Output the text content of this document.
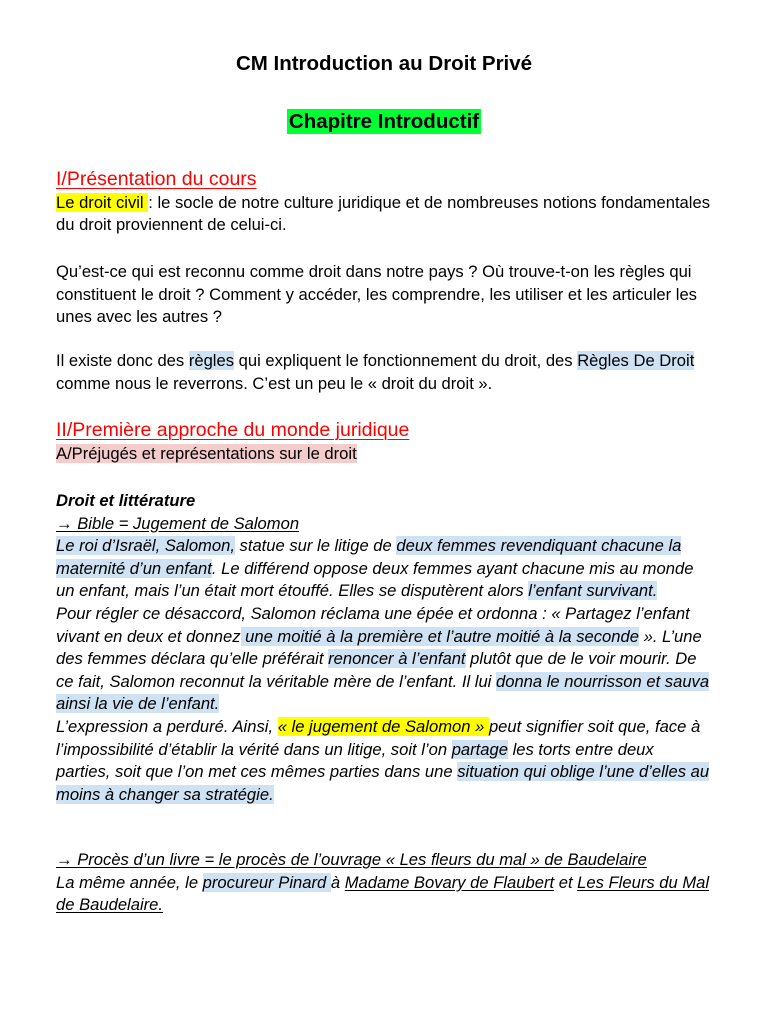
CM Introduction au Droit Privé
Chapitre Introductif

I/Présentation du cours

Le droit civil : le socle de notre culture juridique et de nombreuses notions fondamentales du droit proviennent de celui-ci.

Qu’est-ce qui est reconnu comme droit dans notre pays ? Où trouve-t-on les règles qui constituent le droit ? Comment y accéder, les comprendre, les utiliser et les articuler les unes avec les autres ?

Il existe donc des règles qui expliquent le fonctionnement du droit, des Règles De Droit comme nous le reverrons. C’est un peu le « droit du droit ».

II/Première approche du monde juridique

A/Préjugés et représentations sur le droit

Droit et littérature

→ Bible = Jugement de Salomon

Le roi d’Israël, Salomon, statue sur le litige de deux femmes revendiquant chacune la maternité d’un enfant. Le différend oppose deux femmes ayant chacune mis au monde un enfant, mais l’un était mort étouffé. Elles se disputèrent alors l’enfant survivant.

Pour régler ce désaccord, Salomon réclama une épée et ordonna : « Partagez l’enfant vivant en deux et donnez une moitié à la première et l’autre moitié à la seconde ». L’une des femmes déclara qu’elle préférait renoncer à l’enfant plutôt que de le voir mourir. De ce fait, Salomon reconnut la véritable mère de l’enfant. Il lui donna le nourrisson et sauva ainsi la vie de l’enfant.

L’expression a perduré. Ainsi, « le jugement de Salomon » peut signifier soit que, face à l’impossibilité d’établir la vérité dans un litige, soit l’on partage les torts entre deux parties, soit que l’on met ces mêmes parties dans une situation qui oblige l’une d’elles au moins à changer sa stratégie.

→ Procès d’un livre = le procès de l’ouvrage « Les fleurs du mal » de Baudelaire

La même année, le procureur Pinard à Madame Bovary de Flaubert et Les Fleurs du Mal de Baudelaire.
